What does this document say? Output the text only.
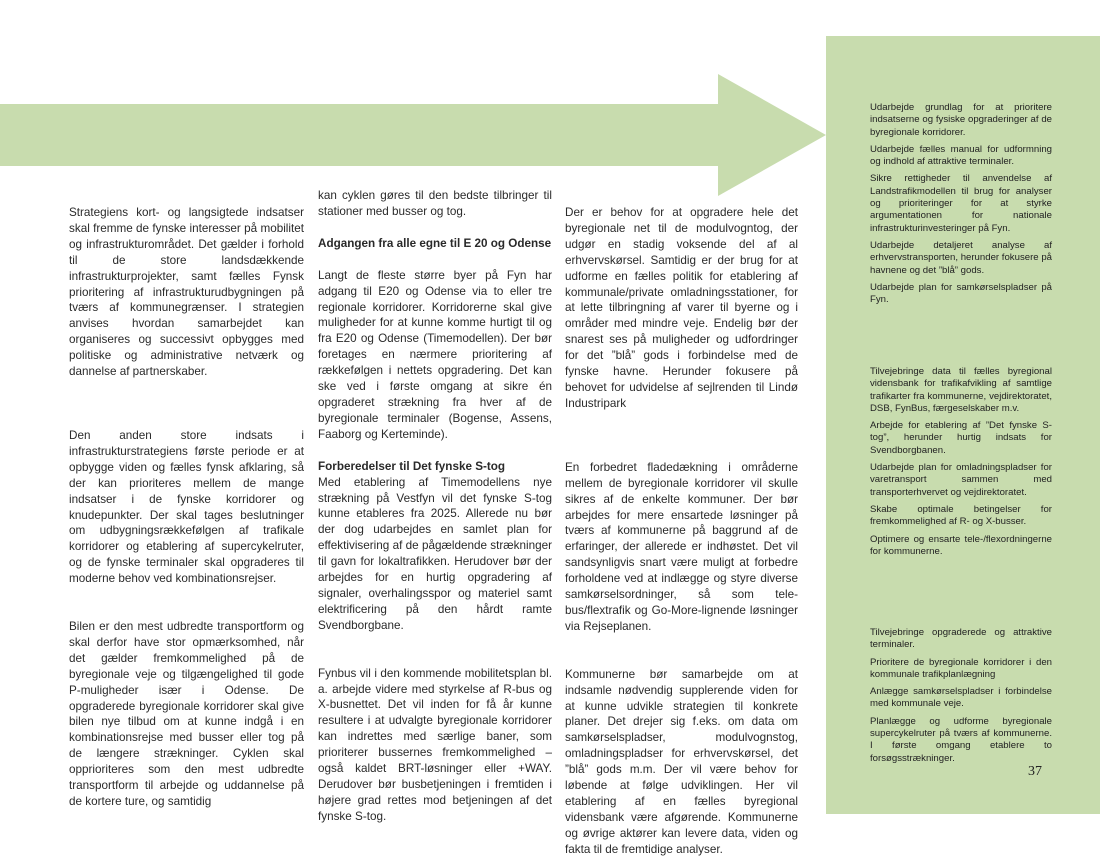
Strategiens kort- og langsigtede indsatser skal fremme de fynske interesser på mobilitet og infrastrukturområdet. Det gælder i forhold til de store landsdækkende infrastrukturprojekter, samt fælles Fynsk prioritering af infrastrukturudbygningen på tværs af kommunegrænser. I strategien anvises hvordan samarbejdet kan organiseres og successivt opbygges med politiske og administrative netværk og dannelse af partnerskaber.

Den anden store indsats i infrastrukturstrategiens første periode er at opbygge viden og fælles fynsk afklaring, så der kan prioriteres mellem de mange indsatser i de fynske korridorer og knudepunkter. Der skal tages beslutninger om udbygningsrækkefølgen af trafikale korridorer og etablering af supercykelruter, og de fynske terminaler skal opgraderes til moderne behov ved kombinationsrejser.

Bilen er den mest udbredte transportform og skal derfor have stor opmærksomhed, når det gælder fremkommelighed på de byregionale veje og tilgængelighed til gode P-muligheder især i Odense. De opgraderede byregionale korridorer skal give bilen nye tilbud om at kunne indgå i en kombinationsrejse med busser eller tog på de længere strækninger. Cyklen skal opprioriteres som den mest udbredte transportform til arbejde og uddannelse på de kortere ture, og samtidig

kan cyklen gøres til den bedste tilbringer til stationer med busser og tog.

Adgangen fra alle egne til E 20 og Odense

Langt de fleste større byer på Fyn har adgang til E20 og Odense via to eller tre regionale korridorer. Korridorerne skal give muligheder for at kunne komme hurtigt til og fra E20 og Odense (Timemodellen). Der bør foretages en nærmere prioritering af rækkefølgen i nettets opgradering. Det kan ske ved i første omgang at sikre én opgraderet strækning fra hver af de byregionale terminaler (Bogense, Assens, Faaborg og Kerteminde).

Forberedelser til Det fynske S-tog

Med etablering af Timemodellens nye strækning på Vestfyn vil det fynske S-tog kunne etableres fra 2025. Allerede nu bør der dog udarbejdes en samlet plan for effektivisering af de pågældende strækninger til gavn for lokaltrafikken. Herudover bør der arbejdes for en hurtig opgradering af signaler, overhalingsspor og materiel samt elektrificering på den hårdt ramte Svendborgbane.

Fynbus vil i den kommende mobilitetsplan bl. a. arbejde videre med styrkelse af R-bus og X-busnettet. Det vil inden for få år kunne resultere i at udvalgte byregionale korridorer kan indrettes med særlige baner, som prioriterer bussernes fremkommelighed – også kaldet BRT-løsninger eller +WAY. Derudover bør busbetjeningen i fremtiden i højere grad rettes mod betjeningen af det fynske S-tog.

Der er behov for at opgradere hele det byregionale net til de modulvogntog, der udgør en stadig voksende del af al erhvervskørsel. Samtidig er der brug for at udforme en fælles politik for etablering af kommunale/private omladningsstationer, for at lette tilbringning af varer til byerne og i områder med mindre veje. Endelig bør der snarest ses på muligheder og udfordringer for det ”blå” gods i forbindelse med de fynske havne. Herunder fokusere på behovet for udvidelse af sejlrenden til Lindø Industripark

En forbedret fladedækning i områderne mellem de byregionale korridorer vil skulle sikres af de enkelte kommuner. Der bør arbejdes for mere ensartede løsninger på tværs af kommunerne på baggrund af de erfaringer, der allerede er indhøstet. Det vil sandsynligvis snart være muligt at forbedre forholdene ved at indlægge og styre diverse samkørselsordninger, så som tele-bus/flextrafik og Go-More-lignende løsninger via Rejseplanen.

Kommunerne bør samarbejde om at indsamle nødvendig supplerende viden for at kunne udvikle strategien til konkrete planer. Det drejer sig f.eks. om data om samkørselspladser, modulvognstog, omladningspladser for erhvervskørsel, det ”blå” gods m.m. Der vil være behov for løbende at følge udviklingen. Her vil etablering af en fælles byregional vidensbank være afgørende. Kommunerne og øvrige aktører kan levere data, viden og fakta til de fremtidige analyser.

Udarbejde grundlag for at prioritere indsatserne og fysiske opgraderinger af de byregionale korridorer.

Udarbejde fælles manual for udformning og indhold af attraktive terminaler.

Sikre rettigheder til anvendelse af Landstrafikmodellen til brug for analyser og prioriteringer for at styrke argumentationen for nationale infrastrukturinvesteringer på Fyn.

Udarbejde detaljeret analyse af erhvervstransporten, herunder fokusere på havnene og det ”blå” gods.

Udarbejde plan for samkørselspladser på Fyn.

Tilvejebringe data til fælles byregional vidensbank for trafikafvikling af samtlige trafikarter fra kommunerne, vejdirektoratet, DSB, FynBus, færgeselskaber m.v.

Arbejde for etablering af ”Det fynske S-tog”, herunder hurtig indsats for Svendborgbanen.

Udarbejde plan for omladningspladser for varetransport sammen med transporterhvervet og vejdirektoratet.

Skabe optimale betingelser for fremkommelighed af R- og X-busser.

Optimere og ensarte tele-/flexordningerne for kommunerne.

Tilvejebringe opgraderede og attraktive terminaler.

Prioritere de byregionale korridorer i den kommunale trafikplanlægning

Anlægge samkørselspladser i forbindelse med kommunale veje.

Planlægge og udforme byregionale supercykelruter på tværs af kommunerne. I første omgang etablere to forsøgsstrækninger.

37
